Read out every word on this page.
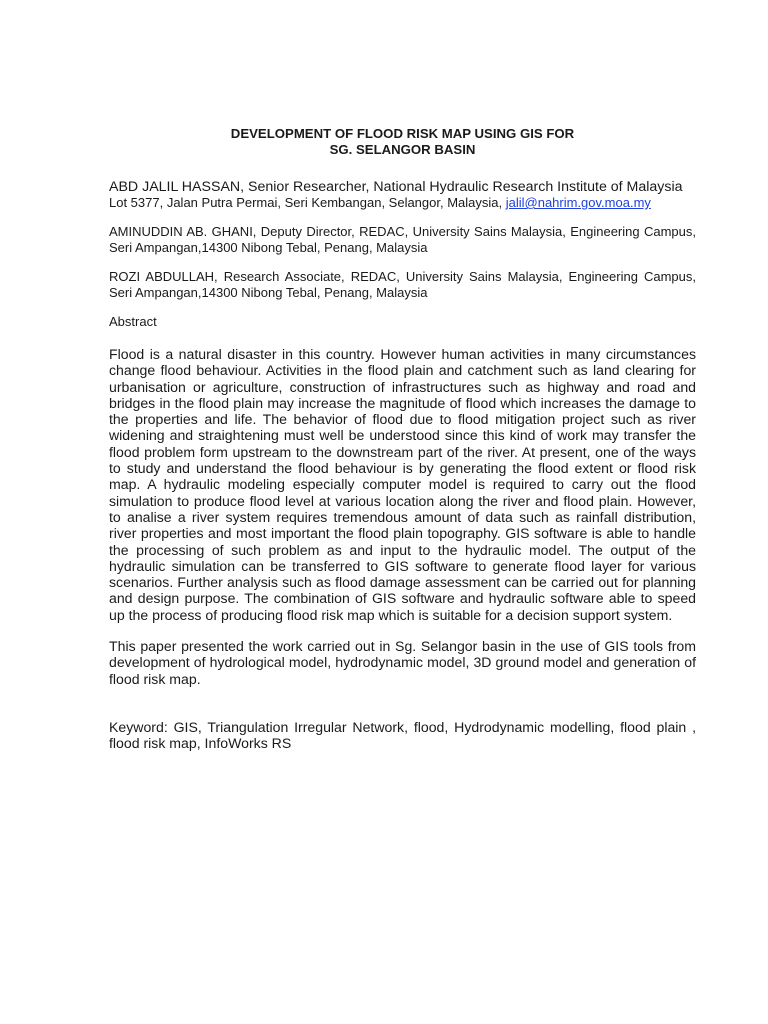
DEVELOPMENT OF FLOOD RISK MAP USING GIS FOR
SG. SELANGOR BASIN
ABD JALIL HASSAN, Senior Researcher, National Hydraulic Research Institute of Malaysia
Lot 5377, Jalan Putra Permai, Seri Kembangan, Selangor, Malaysia, jalil@nahrim.gov.moa.my
AMINUDDIN AB. GHANI, Deputy Director, REDAC, University Sains Malaysia, Engineering Campus, Seri Ampangan,14300 Nibong Tebal, Penang, Malaysia
ROZI ABDULLAH, Research Associate, REDAC, University Sains Malaysia, Engineering Campus, Seri Ampangan,14300 Nibong Tebal, Penang, Malaysia
Abstract

Flood is a natural disaster in this country. However human activities in many circumstances change flood behaviour. Activities in the flood plain and catchment such as land clearing for urbanisation or agriculture, construction of infrastructures such as highway and road and bridges in the flood plain may increase the magnitude of flood which increases the damage to the properties and life. The behavior of flood due to flood mitigation project such as river widening and straightening must well be understood since this kind of work may transfer the flood problem form upstream to the downstream part of the river. At present, one of the ways to study and understand the flood behaviour is by generating the flood extent or flood risk map. A hydraulic modeling especially computer model is required to carry out the flood simulation to produce flood level at various location along the river and flood plain. However, to analise a river system requires tremendous amount of data such as rainfall distribution, river properties and most important the flood plain topography. GIS software is able to handle the processing of such problem as and input to the hydraulic model. The output of the hydraulic simulation can be transferred to GIS software to generate flood layer for various scenarios. Further analysis such as flood damage assessment can be carried out for planning and design purpose. The combination of GIS software and hydraulic software able to speed up the process of producing flood risk map which is suitable for a decision support system.

This paper presented the work carried out in Sg. Selangor basin in the use of GIS tools from development of hydrological model, hydrodynamic model, 3D ground model and generation of flood risk map.

Keyword: GIS, Triangulation Irregular Network, flood, Hydrodynamic modelling, flood plain , flood risk map, InfoWorks RS
